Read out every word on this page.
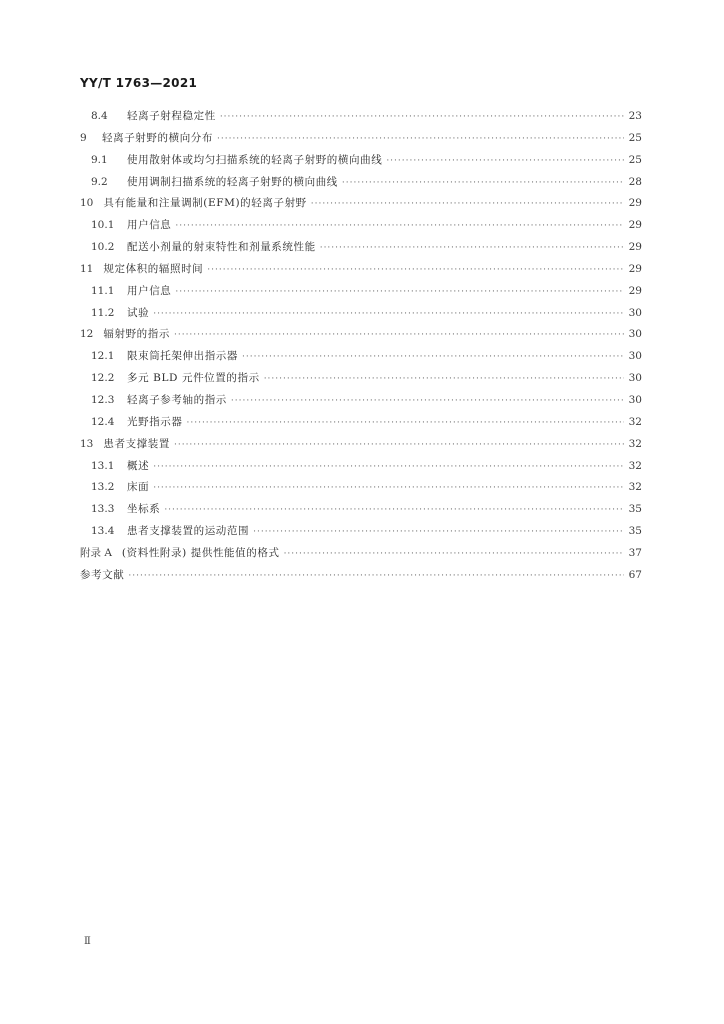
YY/T 1763—2021
8.4	轻离子射程稳定性 ·····	23
9	轻离子射野的横向分布 ·····	25
9.1	使用散射体或均匀扫描系统的轻离子射野的横向曲线 ·····	25
9.2	使用调制扫描系统的轻离子射野的横向曲线 ·····	28
10 具有能量和注量调制(EFM)的轻离子射野 ·····	29
10.1 用户信息 ·····	29
10.2 配送小剂量的射束特性和剂量系统性能 ·····	29
11 规定体积的辐照时间 ·····	29
11.1 用户信息 ·····	29
11.2 试验 ·····	30
12 辐射野的指示 ·····	30
12.1 限束筒托架伸出指示器 ·····	30
12.2 多元 BLD 元件位置的指示 ·····	30
12.3 轻离子参考轴的指示 ·····	30
12.4 光野指示器 ·····	32
13 患者支撑装置 ·····	32
13.1 概述 ·····	32
13.2 床面 ·····	32
13.3 坐标系 ·····	35
13.4 患者支撑装置的运动范围 ·····	35
附录 A (资料性附录) 提供性能值的格式 ·····	37
参考文献 ·····	67
Ⅱ
